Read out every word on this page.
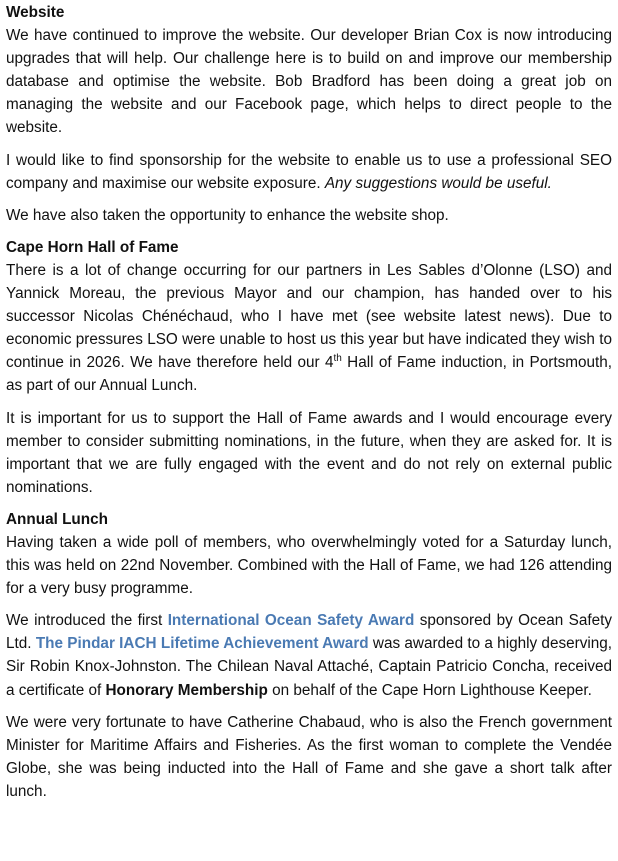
Website

We have continued to improve the website. Our developer Brian Cox is now introducing upgrades that will help. Our challenge here is to build on and improve our membership database and optimise the website. Bob Bradford has been doing a great job on managing the website and our Facebook page, which helps to direct people to the website.

I would like to find sponsorship for the website to enable us to use a professional SEO company and maximise our website exposure. Any suggestions would be useful.

We have also taken the opportunity to enhance the website shop.

Cape Horn Hall of Fame

There is a lot of change occurring for our partners in Les Sables d’Olonne (LSO) and Yannick Moreau, the previous Mayor and our champion, has handed over to his successor Nicolas Chénéchaud, who I have met (see website latest news). Due to economic pressures LSO were unable to host us this year but have indicated they wish to continue in 2026. We have therefore held our 4th Hall of Fame induction, in Portsmouth, as part of our Annual Lunch.

It is important for us to support the Hall of Fame awards and I would encourage every member to consider submitting nominations, in the future, when they are asked for. It is important that we are fully engaged with the event and do not rely on external public nominations.

Annual Lunch

Having taken a wide poll of members, who overwhelmingly voted for a Saturday lunch, this was held on 22nd November. Combined with the Hall of Fame, we had 126 attending for a very busy programme.

We introduced the first International Ocean Safety Award sponsored by Ocean Safety Ltd. The Pindar IACH Lifetime Achievement Award was awarded to a highly deserving, Sir Robin Knox-Johnston. The Chilean Naval Attaché, Captain Patricio Concha, received a certificate of Honorary Membership on behalf of the Cape Horn Lighthouse Keeper.

We were very fortunate to have Catherine Chabaud, who is also the French government Minister for Maritime Affairs and Fisheries. As the first woman to complete the Vendée Globe, she was being inducted into the Hall of Fame and she gave a short talk after lunch.
